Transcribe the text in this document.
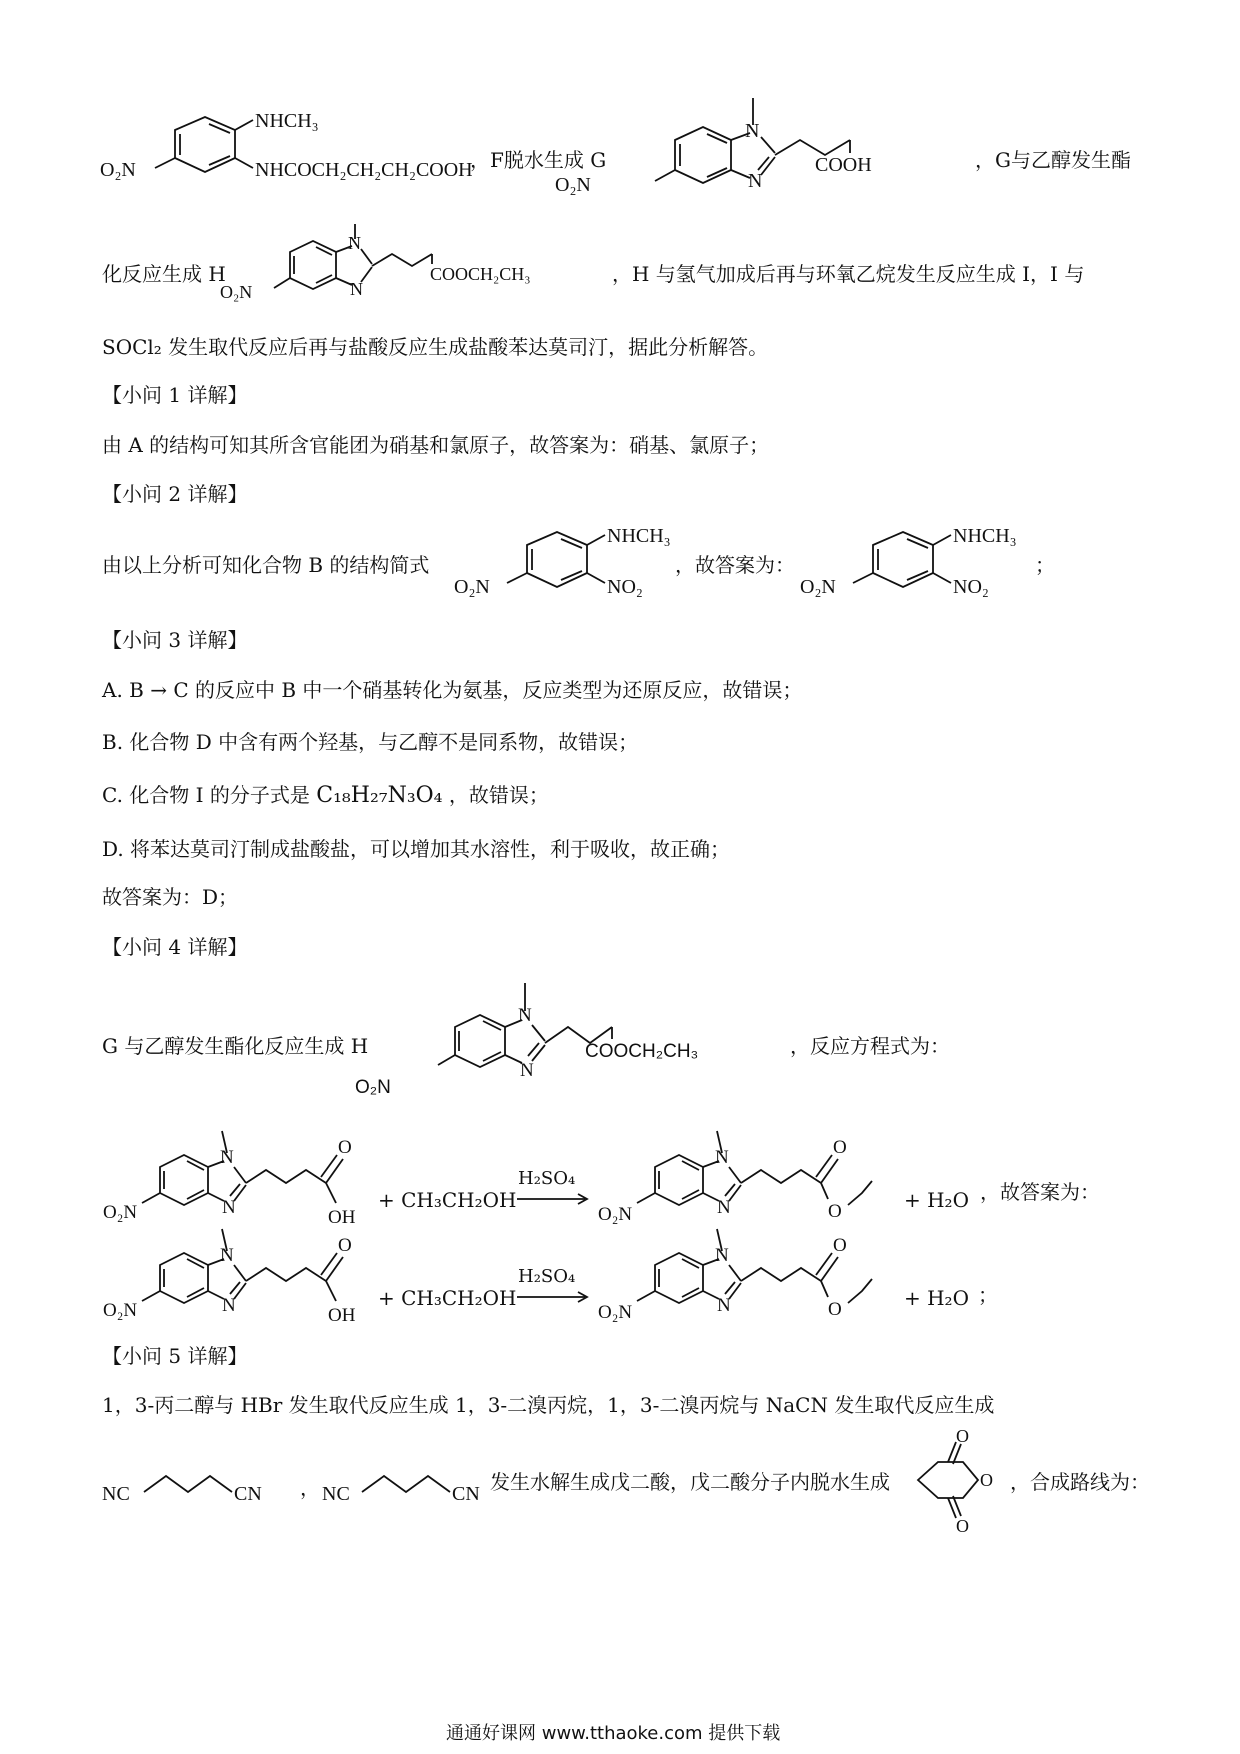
NHCH₃
NHCOCH₂CH₂CH₂COOH
O₂N	，F脱水生成 G
N
N
COOH
O₂N
，G与乙醇发生酯
化反应生成 H
N
N
COOCH₂CH₃
O₂N
，H 与氢气加成后再与环氧乙烷发生反应生成 I，I 与
SOCl₂ 发生取代反应后再与盐酸反应生成盐酸苯达莫司汀，据此分析解答。
【小问 1 详解】
由 A 的结构可知其所含官能团为硝基和氯原子，故答案为：硝基、氯原子；
【小问 2 详解】
由以上分析可知化合物 B 的结构简式
NHCH₃
NO₂
O₂N
，故答案为：
NHCH₃
NO₂
O₂N
；
【小问 3 详解】
A. B → C 的反应中 B 中一个硝基转化为氨基，反应类型为还原反应，故错误；
B. 化合物 D 中含有两个羟基，与乙醇不是同系物，故错误；
C. 化合物 I 的分子式是 C₁₈H₂₇N₃O₄ ，故错误；
D. 将苯达莫司汀制成盐酸盐，可以增加其水溶性，利于吸收，故正确；
故答案为：D；
【小问 4 详解】
G 与乙醇发生酯化反应生成 H
N
N
COOCH₂CH₃
O₂N
，反应方程式为：
N
N
O
OH
O₂N
+ CH₃CH₂OH
H₂SO₄
N
N
O
O
O₂N
+ H₂O ，故答案为：
N
N
O
OH
O₂N
+ CH₃CH₂OH
H₂SO₄
N
N
O
O
O₂N
+ H₂O ；
【小问 5 详解】
1，3-丙二醇与 HBr 发生取代反应生成 1，3-二溴丙烷，1，3-二溴丙烷与 NaCN 发生取代反应生成
NC	CN ， NC	CN 发生水解生成戊二酸，戊二酸分子内脱水生成
O
O
O
，合成路线为：
通通好课网 www.tthaoke.com 提供下载
